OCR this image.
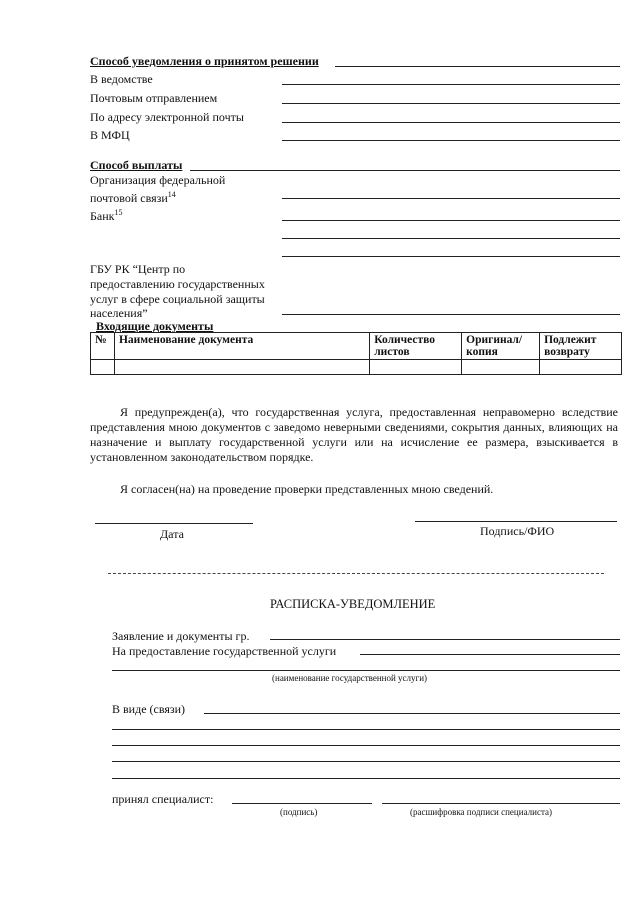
Способ уведомления о принятом решении
В ведомстве
Почтовым отправлением
По адресу электронной почты
В МФЦ
Способ выплаты
Организация федеральной
почтовой связи$^{14}$
Банк$^{15}$
ГБУ РК “Центр по
предоставлению государственных
услуг в сфере социальной защиты
населения”
Входящие документы
№	Наименование документа	Количество листов	Оригинал/ копия	Подлежит возврату

Я предупрежден(а), что государственная услуга, предоставленная неправомерно вследствие представления мною документов с заведомо неверными сведениями, сокрытия данных, влияющих на назначение и выплату государственной услуги или на исчисление ее размера, взыскивается в установленном законодательством порядке.
Я согласен(на) на проведение проверки представленных мною сведений.
Дата	Подпись/ФИО
РАСПИСКА-УВЕДОМЛЕНИЕ
Заявление и документы гр.
На предоставление государственной услуги
(наименование государственной услуги)
В виде (связи)
принял специалист:
(подпись)	(расшифровка подписи специалиста)
